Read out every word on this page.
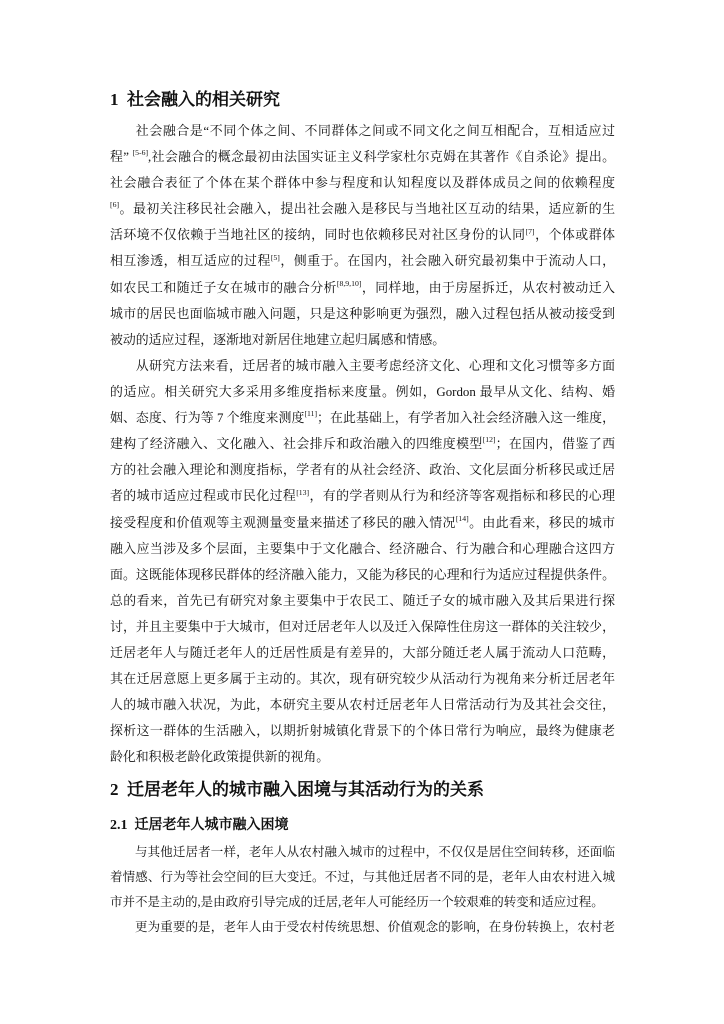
1 社会融入的相关研究
社会融合是“不同个体之间、不同群体之间或不同文化之间互相配合，互相适应过
程” [5-6],社会融合的概念最初由法国实证主义科学家杜尔克姆在其著作《自杀论》提出。
社会融合表征了个体在某个群体中参与程度和认知程度以及群体成员之间的依赖程度
[6]。最初关注移民社会融入，提出社会融入是移民与当地社区互动的结果，适应新的生
活环境不仅依赖于当地社区的接纳，同时也依赖移民对社区身份的认同[7]，个体或群体
相互渗透，相互适应的过程[5]，侧重于。在国内，社会融入研究最初集中于流动人口，
如农民工和随迁子女在城市的融合分析[8,9,10]，同样地，由于房屋拆迁，从农村被动迁入
城市的居民也面临城市融入问题，只是这种影响更为强烈，融入过程包括从被动接受到
被动的适应过程，逐渐地对新居住地建立起归属感和情感。
从研究方法来看，迁居者的城市融入主要考虑经济文化、心理和文化习惯等多方面
的适应。相关研究大多采用多维度指标来度量。例如，Gordon 最早从文化、结构、婚
姻、态度、行为等 7 个维度来测度[11]；在此基础上，有学者加入社会经济融入这一维度，
建构了经济融入、文化融入、社会排斥和政治融入的四维度模型[12]；在国内，借鉴了西
方的社会融入理论和测度指标，学者有的从社会经济、政治、文化层面分析移民或迁居
者的城市适应过程或市民化过程[13]，有的学者则从行为和经济等客观指标和移民的心理
接受程度和价值观等主观测量变量来描述了移民的融入情况[14]。由此看来，移民的城市
融入应当涉及多个层面，主要集中于文化融合、经济融合、行为融合和心理融合这四方
面。这既能体现移民群体的经济融入能力，又能为移民的心理和行为适应过程提供条件。
总的看来，首先已有研究对象主要集中于农民工、随迁子女的城市融入及其后果进行探
讨，并且主要集中于大城市，但对迁居老年人以及迁入保障性住房这一群体的关注较少，
迁居老年人与随迁老年人的迁居性质是有差异的，大部分随迁老人属于流动人口范畴，
其在迁居意愿上更多属于主动的。其次，现有研究较少从活动行为视角来分析迁居老年
人的城市融入状况，为此，本研究主要从农村迁居老年人日常活动行为及其社会交往，
探析这一群体的生活融入，以期折射城镇化背景下的个体日常行为响应，最终为健康老
龄化和积极老龄化政策提供新的视角。
2 迁居老年人的城市融入困境与其活动行为的关系
2.1 迁居老年人城市融入困境
与其他迁居者一样，老年人从农村融入城市的过程中，不仅仅是居住空间转移，还面临
着情感、行为等社会空间的巨大变迁。不过，与其他迁居者不同的是，老年人由农村进入城
市并不是主动的,是由政府引导完成的迁居,老年人可能经历一个较艰难的转变和适应过程。
更为重要的是，老年人由于受农村传统思想、价值观念的影响，在身份转换上，农村老
